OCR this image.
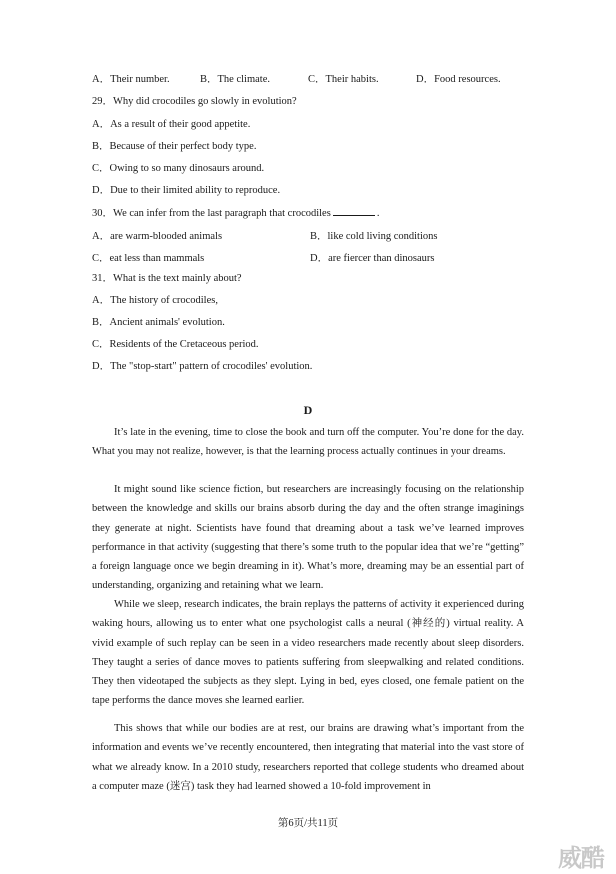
A．Their number.	B．The climate.	C．Their habits.	D．Food resources.
29．Why did crocodiles go slowly in evolution?
A．As a result of their good appetite.
B．Because of their perfect body type.
C．Owing to so many dinosaurs around.
D．Due to their limited ability to reproduce.
30．We can infer from the last paragraph that crocodiles	.
A．are warm-blooded animals	B．like cold living conditions
C．eat less than mammals	D．are fiercer than dinosaurs
31．What is the text mainly about?
A．The history of crocodiles,
B．Ancient animals' evolution.
C．Residents of the Cretaceous period.
D．The "stop-start" pattern of crocodiles' evolution.
D
It’s late in the evening, time to close the book and turn off the computer. You’re done for the day. What you may not realize, however, is that the learning process actually continues in your dreams.
It might sound like science fiction, but researchers are increasingly focusing on the relationship between the knowledge and skills our brains absorb during the day and the often strange imaginings they generate at night. Scientists have found that dreaming about a task we’ve learned improves performance in that activity (suggesting that there’s some truth to the popular idea that we’re “getting” a foreign language once we begin dreaming in it). What’s more, dreaming may be an essential part of understanding, organizing and retaining what we learn.
While we sleep, research indicates, the brain replays the patterns of activity it experienced during waking hours, allowing us to enter what one psychologist calls a neural (神经的) virtual reality. A vivid example of such replay can be seen in a video researchers made recently about sleep disorders. They taught a series of dance moves to patients suffering from sleepwalking and related conditions. They then videotaped the subjects as they slept. Lying in bed, eyes closed, one female patient on the tape performs the dance moves she learned earlier.
This shows that while our bodies are at rest, our brains are drawing what’s important from the information and events we’ve recently encountered, then integrating that material into the vast store of what we already know. In a 2010 study, researchers reported that college students who dreamed about a computer maze (迷宫) task they had learned showed a 10-fold improvement in
第6页/共11页
威酷
